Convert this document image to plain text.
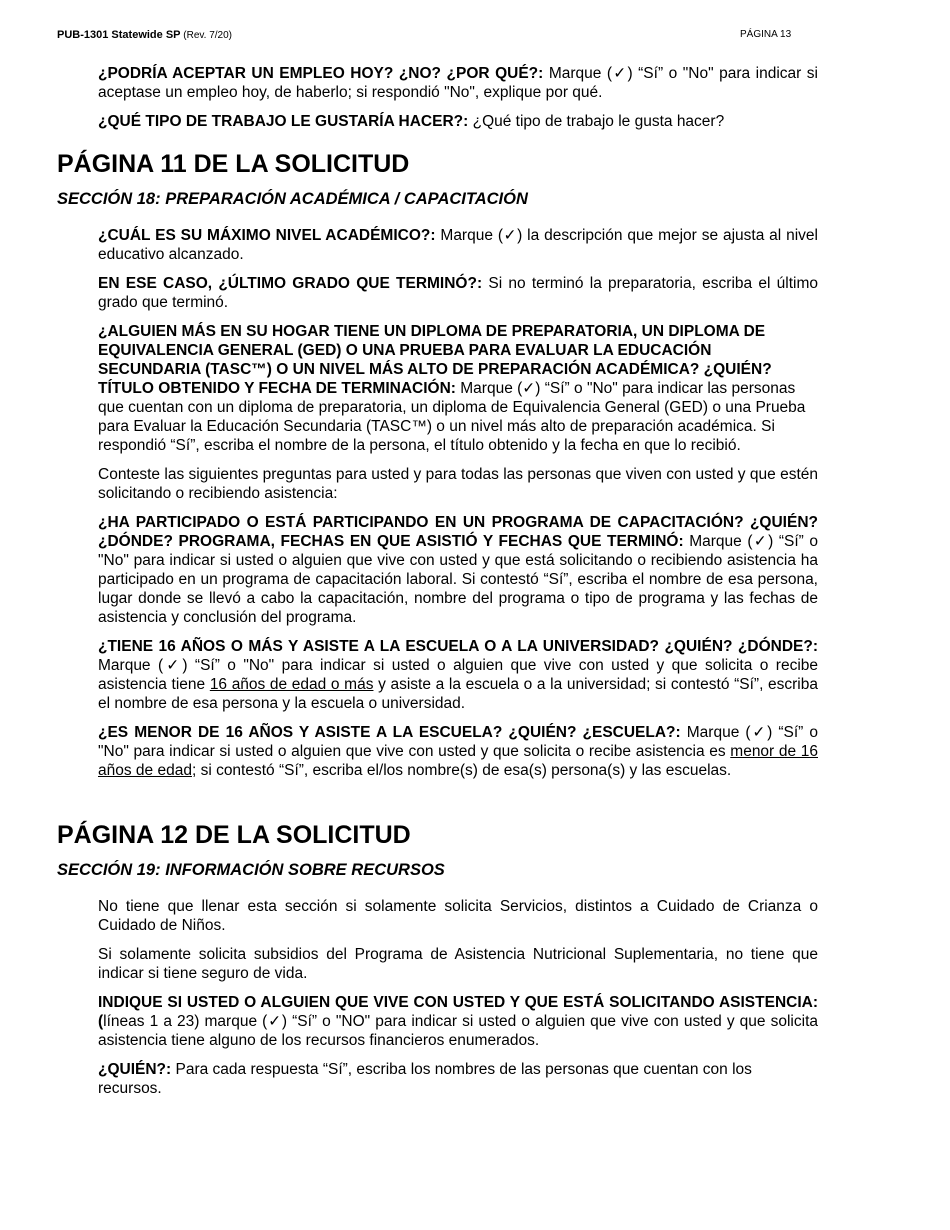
PUB-1301 Statewide SP (Rev. 7/20)	PÁGINA 13

¿PODRÍA ACEPTAR UN EMPLEO HOY? ¿NO? ¿POR QUÉ?: Marque (✓) “Sí” o "No" para indicar si aceptase un empleo hoy, de haberlo; si respondió "No", explique por qué.

¿QUÉ TIPO DE TRABAJO LE GUSTARÍA HACER?: ¿Qué tipo de trabajo le gusta hacer?

PÁGINA 11 DE LA SOLICITUD
SECCIÓN 18: PREPARACIÓN ACADÉMICA / CAPACITACIÓN

¿CUÁL ES SU MÁXIMO NIVEL ACADÉMICO?: Marque (✓) la descripción que mejor se ajusta al nivel educativo alcanzado.

EN ESE CASO, ¿ÚLTIMO GRADO QUE TERMINÓ?: Si no terminó la preparatoria, escriba el último grado que terminó.

¿ALGUIEN MÁS EN SU HOGAR TIENE UN DIPLOMA DE PREPARATORIA, UN DIPLOMA DE EQUIVALENCIA GENERAL (GED) O UNA PRUEBA PARA EVALUAR LA EDUCACIÓN SECUNDARIA (TASC™) O UN NIVEL MÁS ALTO DE PREPARACIÓN ACADÉMICA? ¿QUIÉN? TÍTULO OBTENIDO Y FECHA DE TERMINACIÓN: Marque (✓) “Sí” o "No" para indicar las personas que cuentan con un diploma de preparatoria, un diploma de Equivalencia General (GED) o una Prueba para Evaluar la Educación Secundaria (TASC™) o un nivel más alto de preparación académica. Si respondió “Sí”, escriba el nombre de la persona, el título obtenido y la fecha en que lo recibió.

Conteste las siguientes preguntas para usted y para todas las personas que viven con usted y que estén solicitando o recibiendo asistencia:

¿HA PARTICIPADO O ESTÁ PARTICIPANDO EN UN PROGRAMA DE CAPACITACIÓN? ¿QUIÉN? ¿DÓNDE? PROGRAMA, FECHAS EN QUE ASISTIÓ Y FECHAS QUE TERMINÓ: Marque (✓) “Sí” o "No" para indicar si usted o alguien que vive con usted y que está solicitando o recibiendo asistencia ha participado en un programa de capacitación laboral. Si contestó “Sí”, escriba el nombre de esa persona, lugar donde se llevó a cabo la capacitación, nombre del programa o tipo de programa y las fechas de asistencia y conclusión del programa.

¿TIENE 16 AÑOS O MÁS Y ASISTE A LA ESCUELA O A LA UNIVERSIDAD? ¿QUIÉN? ¿DÓNDE?: Marque (✓) “Sí” o "No" para indicar si usted o alguien que vive con usted y que solicita o recibe asistencia tiene 16 años de edad o más y asiste a la escuela o a la universidad; si contestó “Sí”, escriba el nombre de esa persona y la escuela o universidad.

¿ES MENOR DE 16 AÑOS Y ASISTE A LA ESCUELA? ¿QUIÉN? ¿ESCUELA?: Marque (✓) “Sí” o "No" para indicar si usted o alguien que vive con usted y que solicita o recibe asistencia es menor de 16 años de edad; si contestó “Sí”, escriba el/los nombre(s) de esa(s) persona(s) y las escuelas.

PÁGINA 12 DE LA SOLICITUD
SECCIÓN 19: INFORMACIÓN SOBRE RECURSOS

No tiene que llenar esta sección si solamente solicita Servicios, distintos a Cuidado de Crianza o Cuidado de Niños.

Si solamente solicita subsidios del Programa de Asistencia Nutricional Suplementaria, no tiene que indicar si tiene seguro de vida.

INDIQUE SI USTED O ALGUIEN QUE VIVE CON USTED Y QUE ESTÁ SOLICITANDO ASISTENCIA: (líneas 1 a 23) marque (✓) “Sí” o "NO" para indicar si usted o alguien que vive con usted y que solicita asistencia tiene alguno de los recursos financieros enumerados.

¿QUIÉN?: Para cada respuesta “Sí”, escriba los nombres de las personas que cuentan con los recursos.
